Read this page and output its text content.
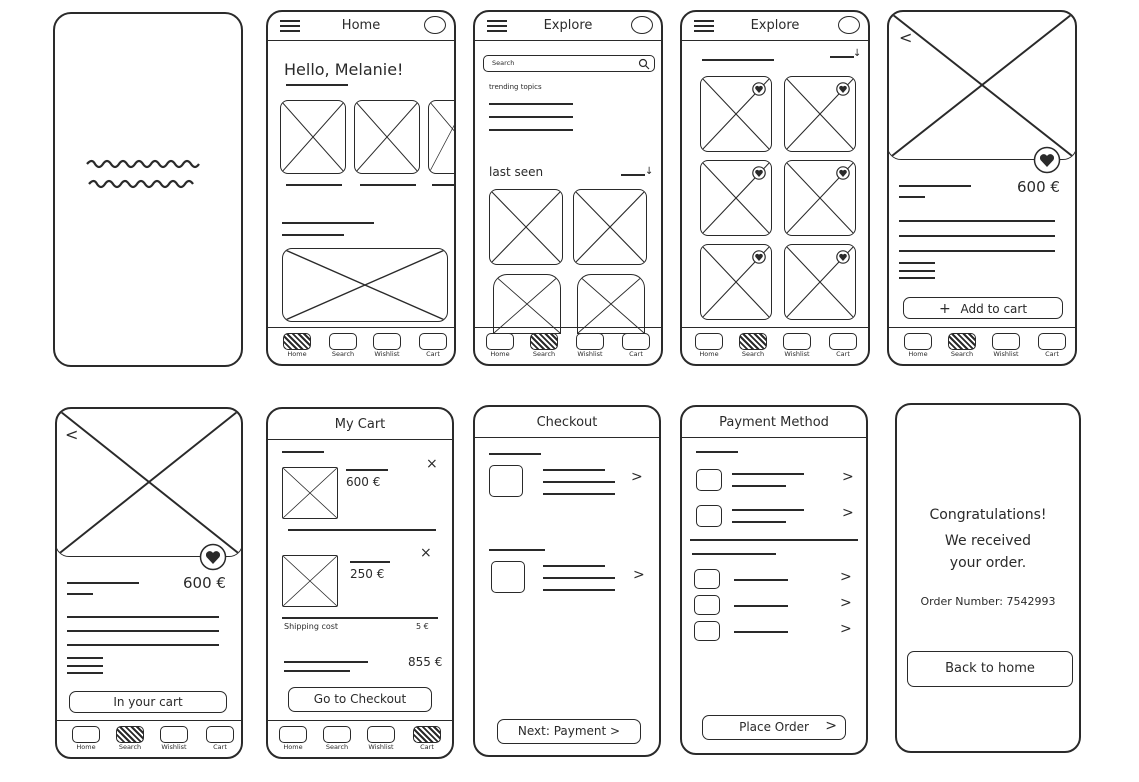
Home
Hello, Melanie!
Home	Search	Wishlist	Cart
Explore
Search
trending topics
last seen	↓
Home	Search	Wishlist	Cart
Explore
↓
Home	Search	Wishlist	Cart
<
600 €
+ Add to cart
Home	Search	Wishlist	Cart
<
600 €
In your cart
Home	Search	Wishlist	Cart
My Cart
600 €
×
250 €
×
Shipping cost	5 €
855 €
Go to Checkout
Home	Search	Wishlist	Cart
Checkout
>
>
Next: Payment >
Payment Method
>
>
>
>
>
Place Order >
Congratulations!
We received
your order.
Order Number: 7542993
Back to home
